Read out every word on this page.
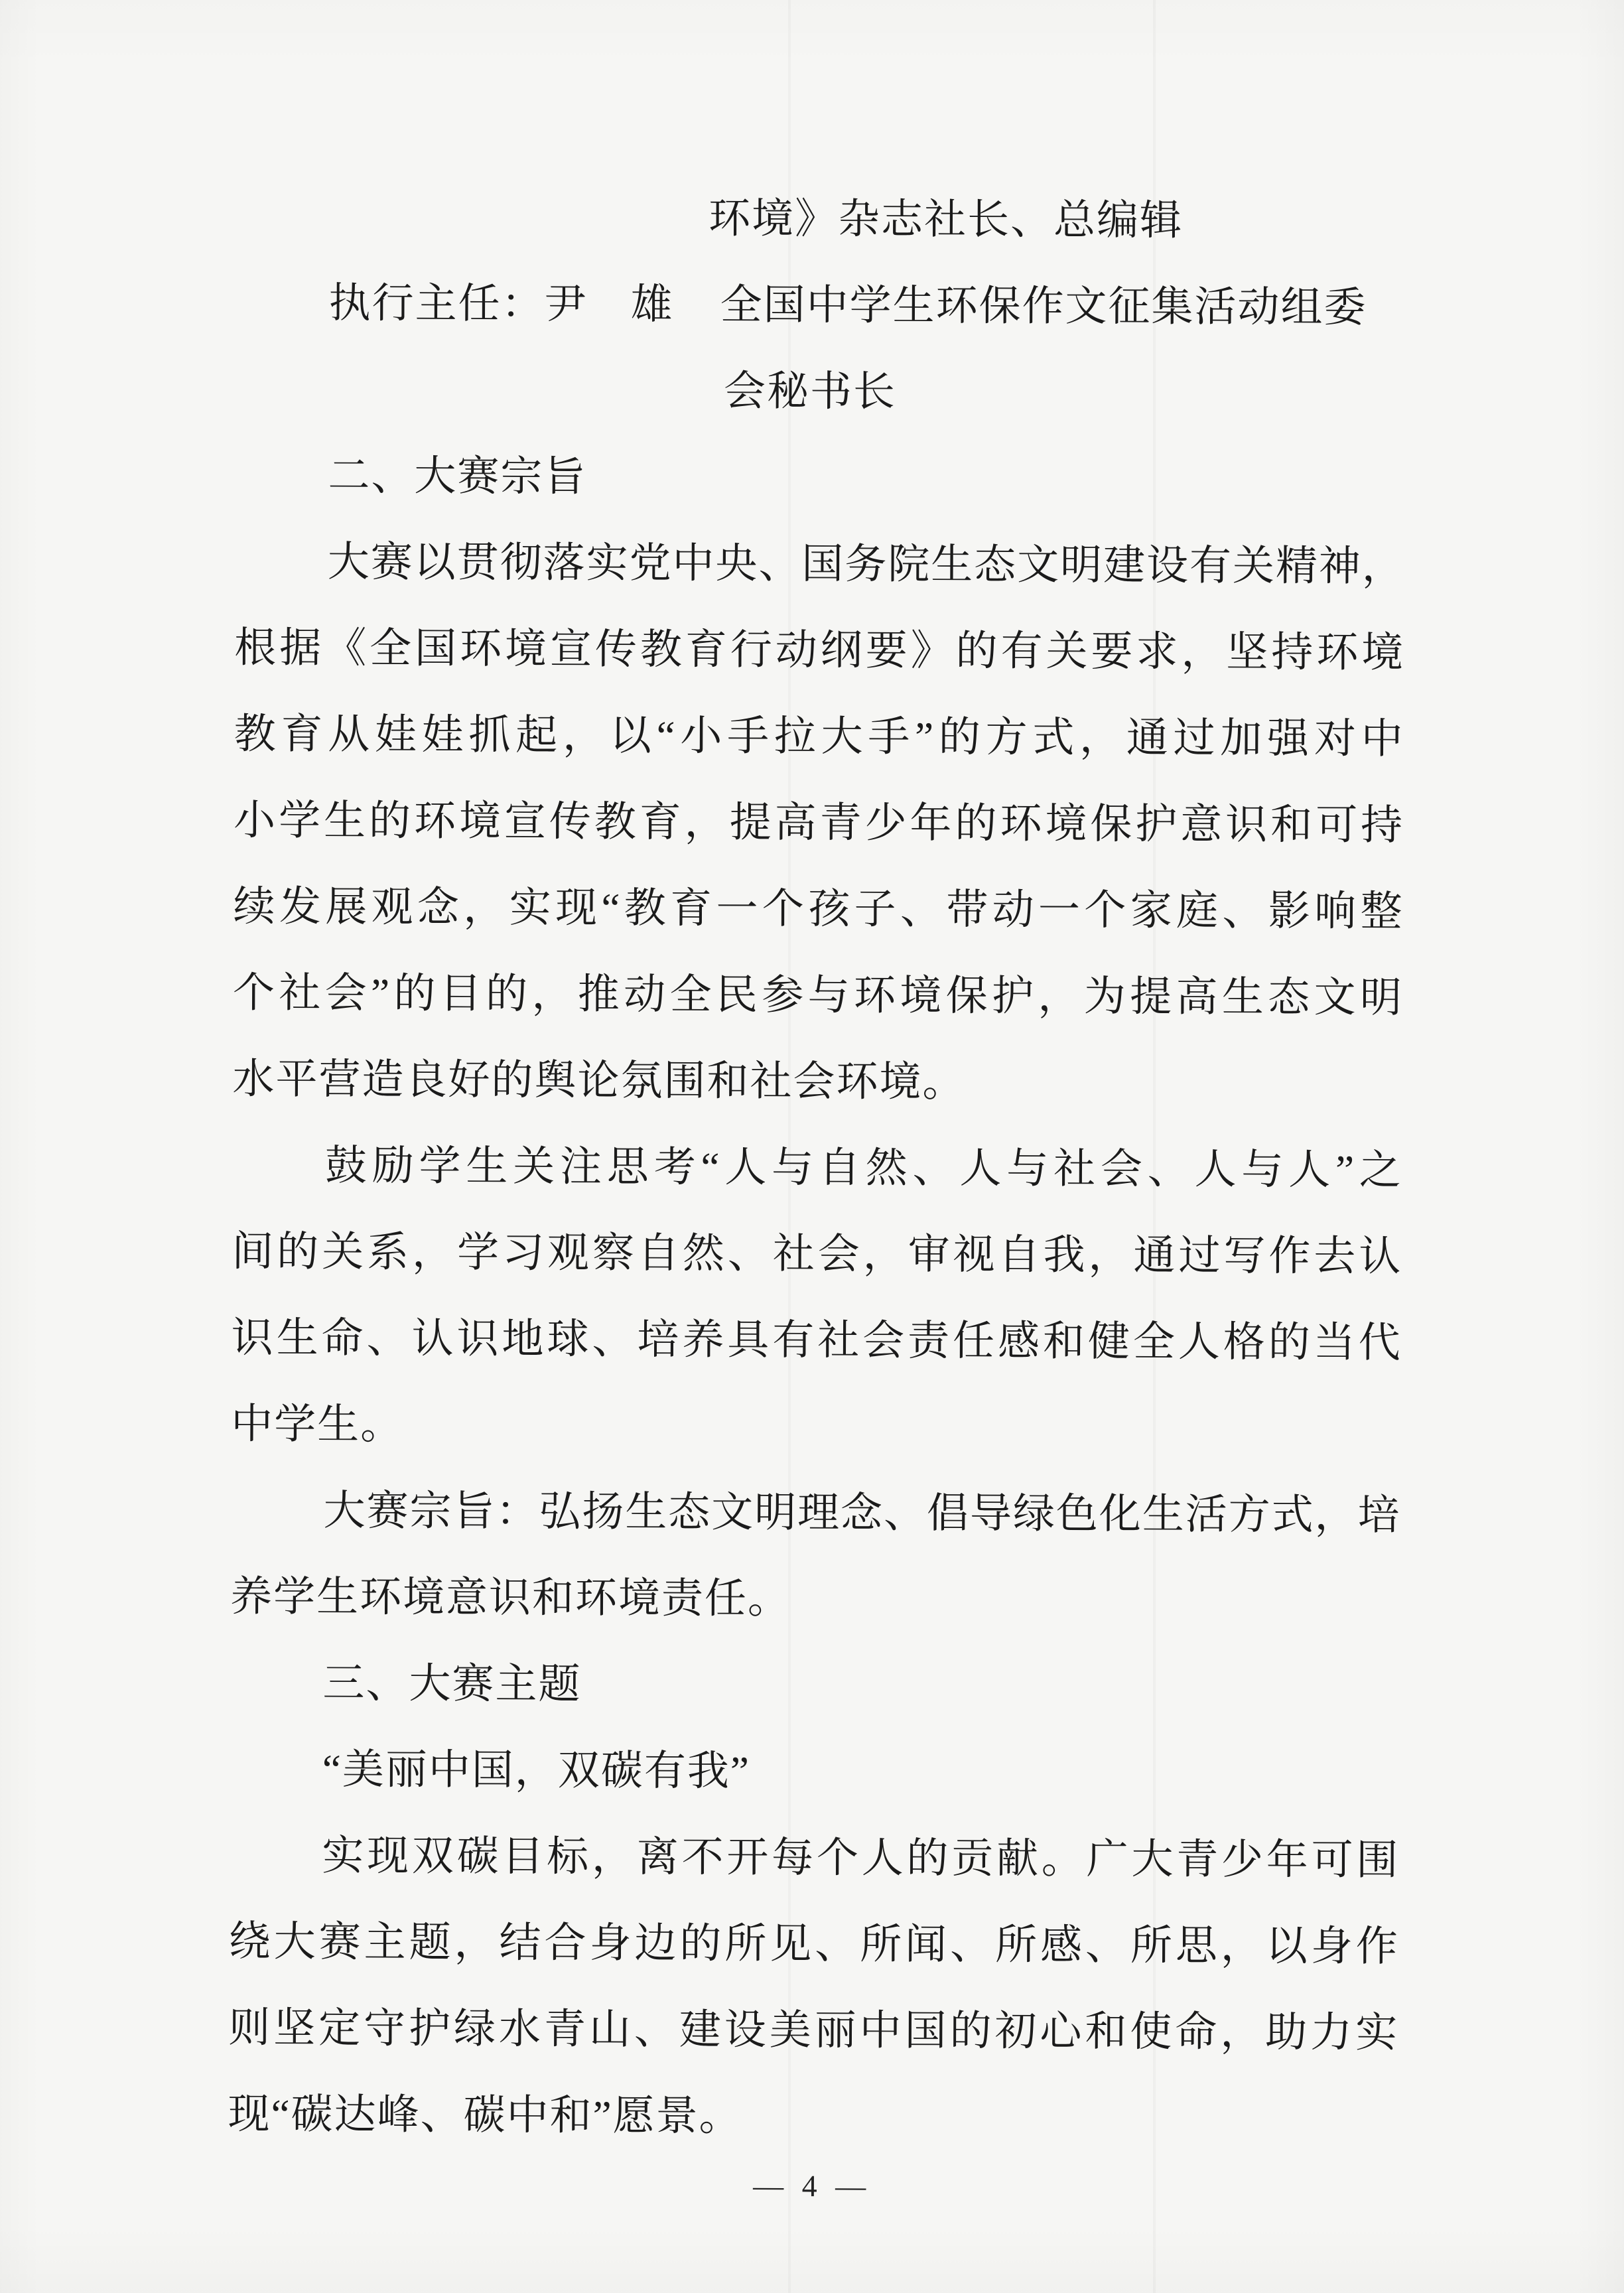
环境》杂志社长、总编辑
执行主任：尹　雄 全国中学生环保作文征集活动组委
会秘书长
二、大赛宗旨
大赛以贯彻落实党中央、国务院生态文明建设有关精神，
根据《全国环境宣传教育行动纲要》的有关要求，坚持环境
教育从娃娃抓起，以“小手拉大手”的方式，通过加强对中
小学生的环境宣传教育，提高青少年的环境保护意识和可持
续发展观念，实现“教育一个孩子、带动一个家庭、影响整
个社会”的目的，推动全民参与环境保护，为提高生态文明
水平营造良好的舆论氛围和社会环境。
鼓励学生关注思考“人与自然、人与社会、人与人”之
间的关系，学习观察自然、社会，审视自我，通过写作去认
识生命、认识地球、培养具有社会责任感和健全人格的当代
中学生。
大赛宗旨：弘扬生态文明理念、倡导绿色化生活方式，培
养学生环境意识和环境责任。
三、大赛主题
“美丽中国，双碳有我”
实现双碳目标，离不开每个人的贡献。广大青少年可围
绕大赛主题，结合身边的所见、所闻、所感、所思，以身作
则坚定守护绿水青山、建设美丽中国的初心和使命，助力实
现“碳达峰、碳中和”愿景。
— 4 —
